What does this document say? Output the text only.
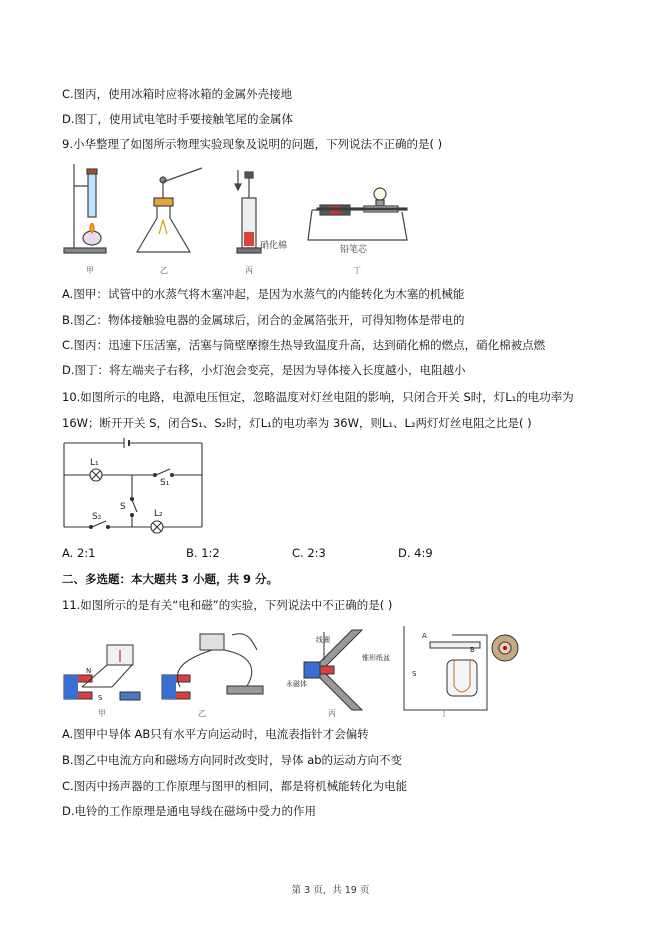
C.图丙，使用冰箱时应将冰箱的金属外壳接地
D.图丁，使用试电笔时手要接触笔尾的金属体
9.小华整理了如图所示物理实验现象及说明的问题，下列说法不正确的是( )
硝化棉	铅笔芯
甲	乙	丙	丁
A.图甲：试管中的水蒸气将木塞冲起，是因为水蒸气的内能转化为木塞的机械能
B.图乙：物体接触验电器的金属球后，闭合的金属箔张开，可得知物体是带电的
C.图丙：迅速下压活塞，活塞与筒壁摩擦生热导致温度升高，达到硝化棉的燃点，硝化棉被点燃
D.图丁：将左端夹子右移，小灯泡会变亮，是因为导体接入长度越小，电阻越小
10.如图所示的电路，电源电压恒定，忽略温度对灯丝电阻的影响，只闭合开关 S时，灯L₁的电功率为
16W；断开开关 S，闭合S₁、S₂时，灯L₁的电功率为 36W，则L₁、L₂两灯灯丝电阻之比是( )
L₁
S₁
S
S₂	L₂
A. 2:1	B. 1:2	C. 2:3	D. 4:9
二、多选题：本大题共 3 小题，共 9 分。
11.如图所示的是有关“电和磁”的实验，下列说法中不正确的是( )
N
S
甲	乙
线圈
锥形纸盆
永磁体
丙
A
B
S
丁
A.图甲中导体 AB只有水平方向运动时，电流表指针才会偏转
B.图乙中电流方向和磁场方向同时改变时，导体 ab的运动方向不变
C.图丙中扬声器的工作原理与图甲的相同，都是将机械能转化为电能
D.电铃的工作原理是通电导线在磁场中受力的作用
第 3 页，共 19 页
